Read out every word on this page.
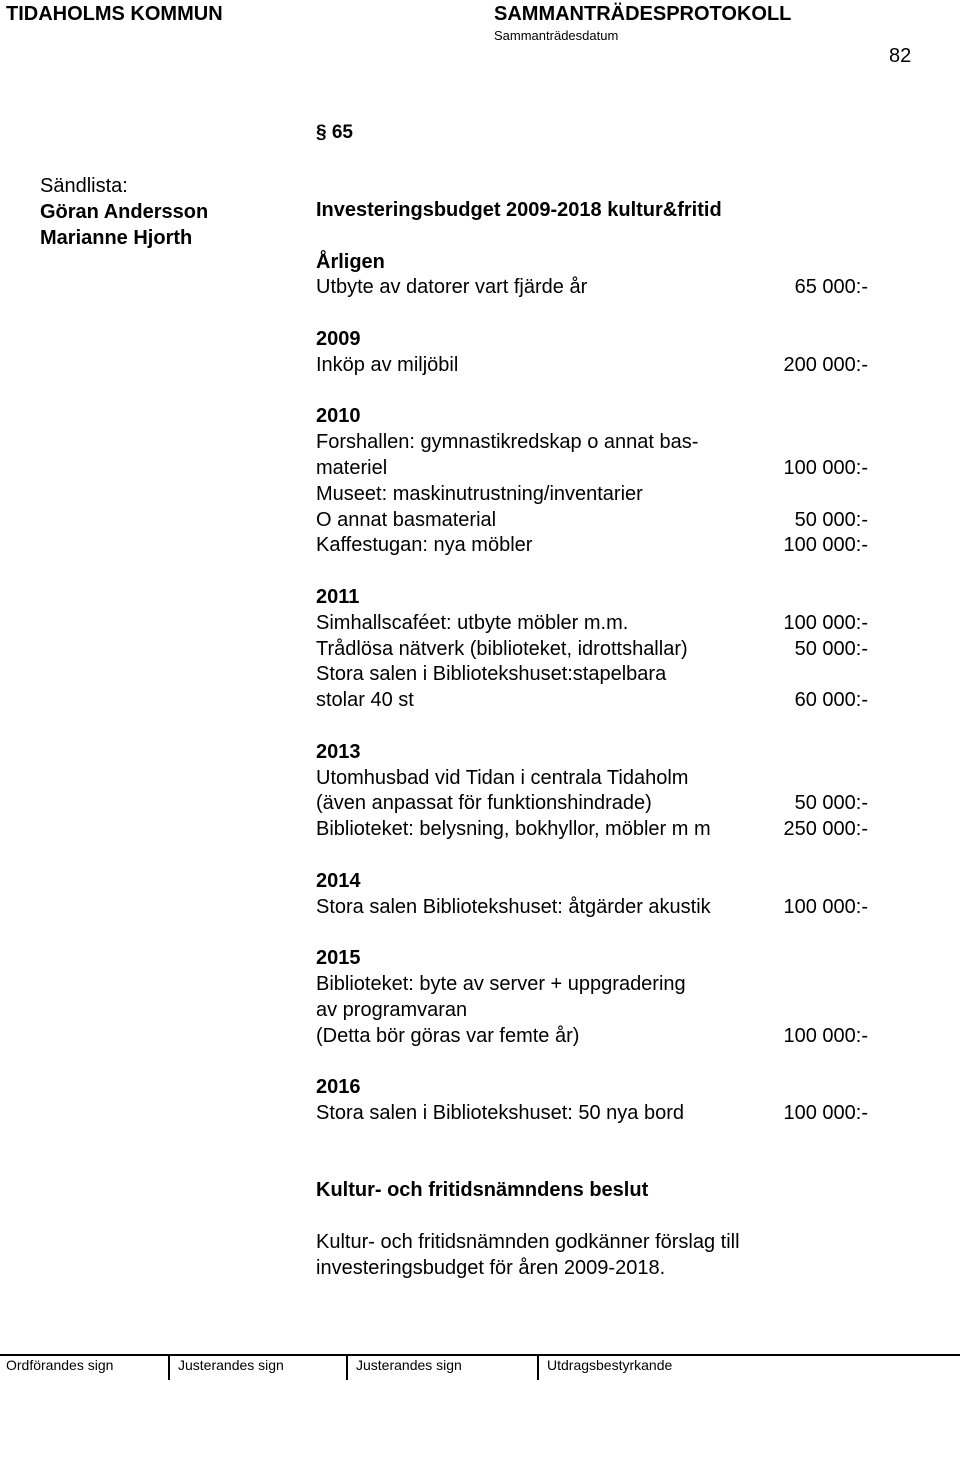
TIDAHOLMS KOMMUN	SAMMANTRÄDESPROTOKOLL
Sammanträdesdatum
82
§ 65
Sändlista:
Göran Andersson
Marianne Hjorth
Investeringsbudget 2009-2018 kultur&fritid
Årligen
Utbyte av datorer vart fjärde år	65 000:-
2009
Inköp av miljöbil	200 000:-
2010
Forshallen: gymnastikredskap o annat bas-
materiel	100 000:-
Museet: maskinutrustning/inventarier
O annat basmaterial	50 000:-
Kaffestugan: nya möbler	100 000:-
2011
Simhallscaféet: utbyte möbler m.m.	100 000:-
Trådlösa nätverk (biblioteket, idrottshallar)	50 000:-
Stora salen i Bibliotekshuset:stapelbara
stolar 40 st	60 000:-
2013
Utomhusbad vid Tidan i centrala Tidaholm
(även anpassat för funktionshindrade)	50 000:-
Biblioteket: belysning, bokhyllor, möbler m m	250 000:-
2014
Stora salen Bibliotekshuset: åtgärder akustik	100 000:-
2015
Biblioteket: byte av server + uppgradering
av programvaran
(Detta bör göras var femte år)	100 000:-
2016
Stora salen i Bibliotekshuset: 50 nya bord	100 000:-
Kultur- och fritidsnämndens beslut
Kultur- och fritidsnämnden godkänner förslag till
investeringsbudget för åren 2009-2018.
Ordförandes sign	Justerandes sign	Justerandes sign	Utdragsbestyrkande
